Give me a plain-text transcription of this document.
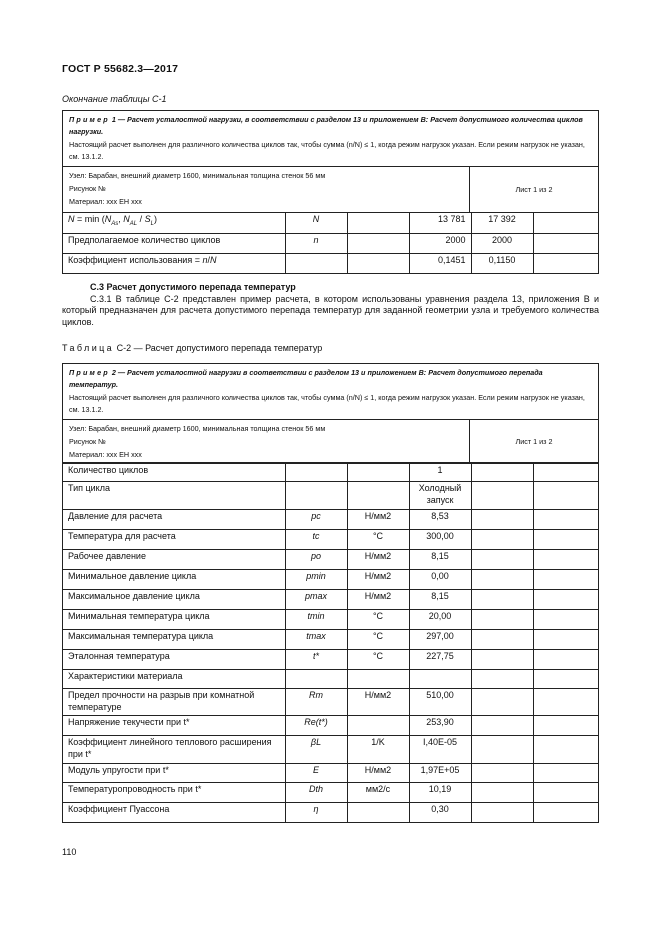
ГОСТ Р 55682.3—2017
Окончание таблицы С-1

Пример 1 — Расчет усталостной нагрузки, в соответствии с разделом 13 и приложением В: Расчет допустимого количества циклов нагрузки.

Настоящий расчет выполнен для различного количества циклов так, чтобы сумма (n/N) ≤ 1, когда режим нагрузок указан. Если режим нагрузок не указан, см. 13.1.2.

Узел: Барабан, внешний диаметр 1600, минимальная толщина стенок 56 мм
Рисунок №
Материал: ххх ЕН ххх
Лист 1 из 2
$N = \min (N_{As}$, $N_{AL} / S_L$)	N		13 781	17 392	
Предполагаемое количество циклов	n		2000	2000	
Коэффициент использования = n/N			0,1451	0,1150	
С.3 Расчет допустимого перепада температур
С.3.1 В таблице С-2 представлен пример расчета, в котором использованы уравнения раздела 13, приложения В и который предназначен для расчета допустимого перепада температур для заданной геометрии узла и требуемого количества циклов.
Таблица С-2 — Расчет допустимого перепада температур

Пример 2 — Расчет усталостной нагрузки в соответствии с разделом 13 и приложением В: Расчет допустимого перепада температур.

Настоящий расчет выполнен для различного количества циклов так, чтобы сумма (n/N) ≤ 1, когда режим нагрузок указан. Если режим нагрузок не указан, см. 13.1.2.

Узел: Барабан, внешний диаметр 1600, минимальная толщина стенок 56 мм
Рисунок №
Материал: ххх ЕН ххх
Лист 1 из 2
Количество циклов			1		
Тип цикла			Холодный запуск		
Давление для расчета	pc	Н/мм2	8,53		
Температура для расчета	tc	°С	300,00		
Рабочее давление	po	Н/мм2	8,15		
Минимальное давление цикла	pmin	Н/мм2	0,00		
Максимальное давление цикла	pmax	Н/мм2	8,15		
Минимальная температура цикла	tmin	°С	20,00		
Максимальная температура цикла	tmax	°С	297,00		
Эталонная температура	t*	°С	227,75		
Характеристики материала					
Предел прочности на разрыв при комнатной температуре	Rm	Н/мм2	510,00		
Напряжение текучести при t*	Re(t*)		253,90		
Коэффициент линейного теплового расширения при t*	βL	1/K	I,40E-05		
Модуль упругости при t*	E	Н/мм2	1,97E+05		
Температуропроводность при t*	Dth	мм2/с	10,19		
Коэффициент Пуассона	η		0,30		
110
